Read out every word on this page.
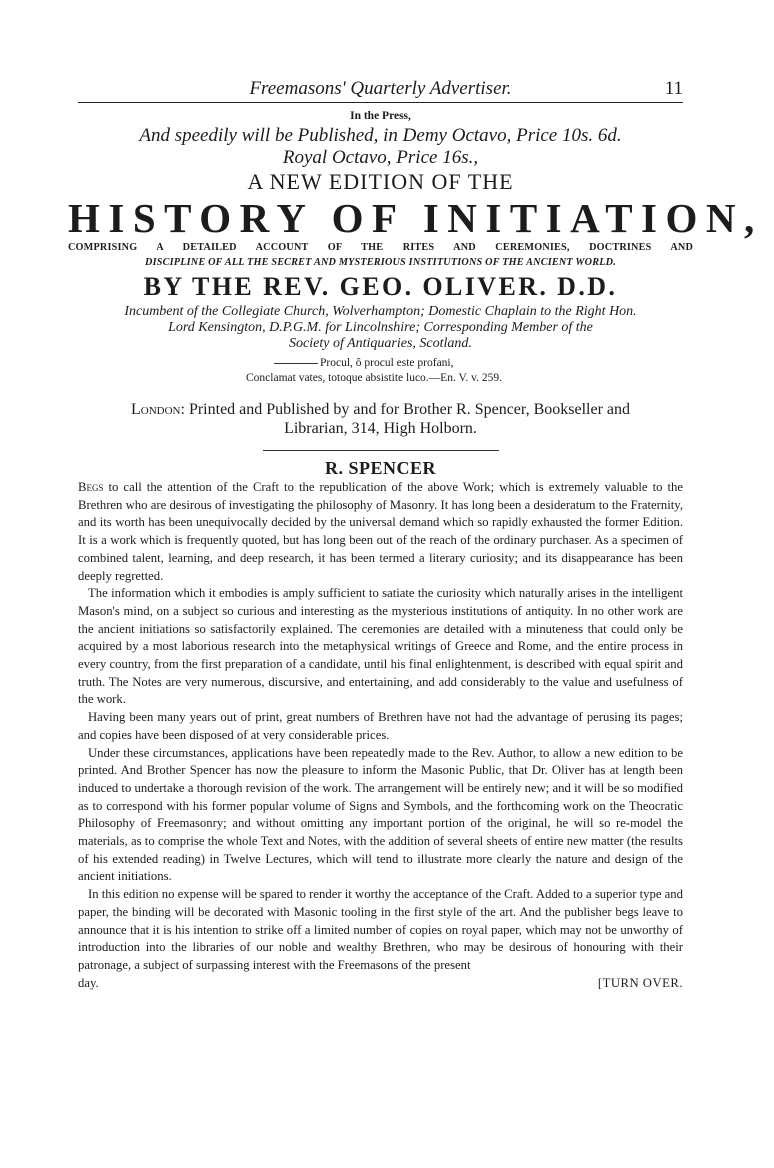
Freemasons' Quarterly Advertiser.	11
In the Press,
And speedily will be Published, in Demy Octavo, Price 10s. 6d.
Royal Octavo, Price 16s.,
A NEW EDITION OF THE
HISTORY OF INITIATION,
COMPRISING A DETAILED ACCOUNT OF THE RITES AND CEREMONIES, DOCTRINES AND
DISCIPLINE OF ALL THE SECRET AND MYSTERIOUS INSTITUTIONS OF THE ANCIENT WORLD.
BY THE REV. GEO. OLIVER. D.D.

Incumbent of the Collegiate Church, Wolverhampton; Domestic Chaplain to the Right Hon.

Lord Kensington, D.P.G.M. for Lincolnshire; Corresponding Member of the

Society of Antiquaries, Scotland.

Procul, ô procul este profani,
Conclamat vates, totoque absistite luco.—En. V. v. 259.
London: Printed and Published by and for Brother R. Spencer, Bookseller and
Librarian, 314, High Holborn.
R. SPENCER

Begs to call the attention of the Craft to the republication of the above Work; which is extremely valuable to the Brethren who are desirous of investigating the philosophy of Masonry. It has long been a desideratum to the Fraternity, and its worth has been unequivocally decided by the universal demand which so rapidly exhausted the former Edition. It is a work which is frequently quoted, but has long been out of the reach of the ordinary purchaser. As a specimen of combined talent, learning, and deep research, it has been termed a literary curiosity; and its disappearance has been deeply regretted.

The information which it embodies is amply sufficient to satiate the curiosity which naturally arises in the intelligent Mason's mind, on a subject so curious and interesting as the mysterious institutions of antiquity. In no other work are the ancient initiations so satisfactorily explained. The ceremonies are detailed with a minuteness that could only be acquired by a most laborious research into the metaphysical writings of Greece and Rome, and the entire process in every country, from the first preparation of a candidate, until his final enlightenment, is described with equal spirit and truth. The Notes are very numerous, discursive, and entertaining, and add considerably to the value and usefulness of the work.

Having been many years out of print, great numbers of Brethren have not had the advantage of perusing its pages; and copies have been disposed of at very considerable prices.

Under these circumstances, applications have been repeatedly made to the Rev. Author, to allow a new edition to be printed. And Brother Spencer has now the pleasure to inform the Masonic Public, that Dr. Oliver has at length been induced to undertake a thorough revision of the work. The arrangement will be entirely new; and it will be so modified as to correspond with his former popular volume of Signs and Symbols, and the forthcoming work on the Theocratic Philosophy of Freemasonry; and without omitting any important portion of the original, he will so re-model the materials, as to comprise the whole Text and Notes, with the addition of several sheets of entire new matter (the results of his extended reading) in Twelve Lectures, which will tend to illustrate more clearly the nature and design of the ancient initiations.

In this edition no expense will be spared to render it worthy the acceptance of the Craft. Added to a superior type and paper, the binding will be decorated with Masonic tooling in the first style of the art. And the publisher begs leave to announce that it is his intention to strike off a limited number of copies on royal paper, which may not be unworthy of introduction into the libraries of our noble and wealthy Brethren, who may be desirous of honouring with their patronage, a subject of surpassing interest with the Freemasons of the present

day.	[TURN OVER.
